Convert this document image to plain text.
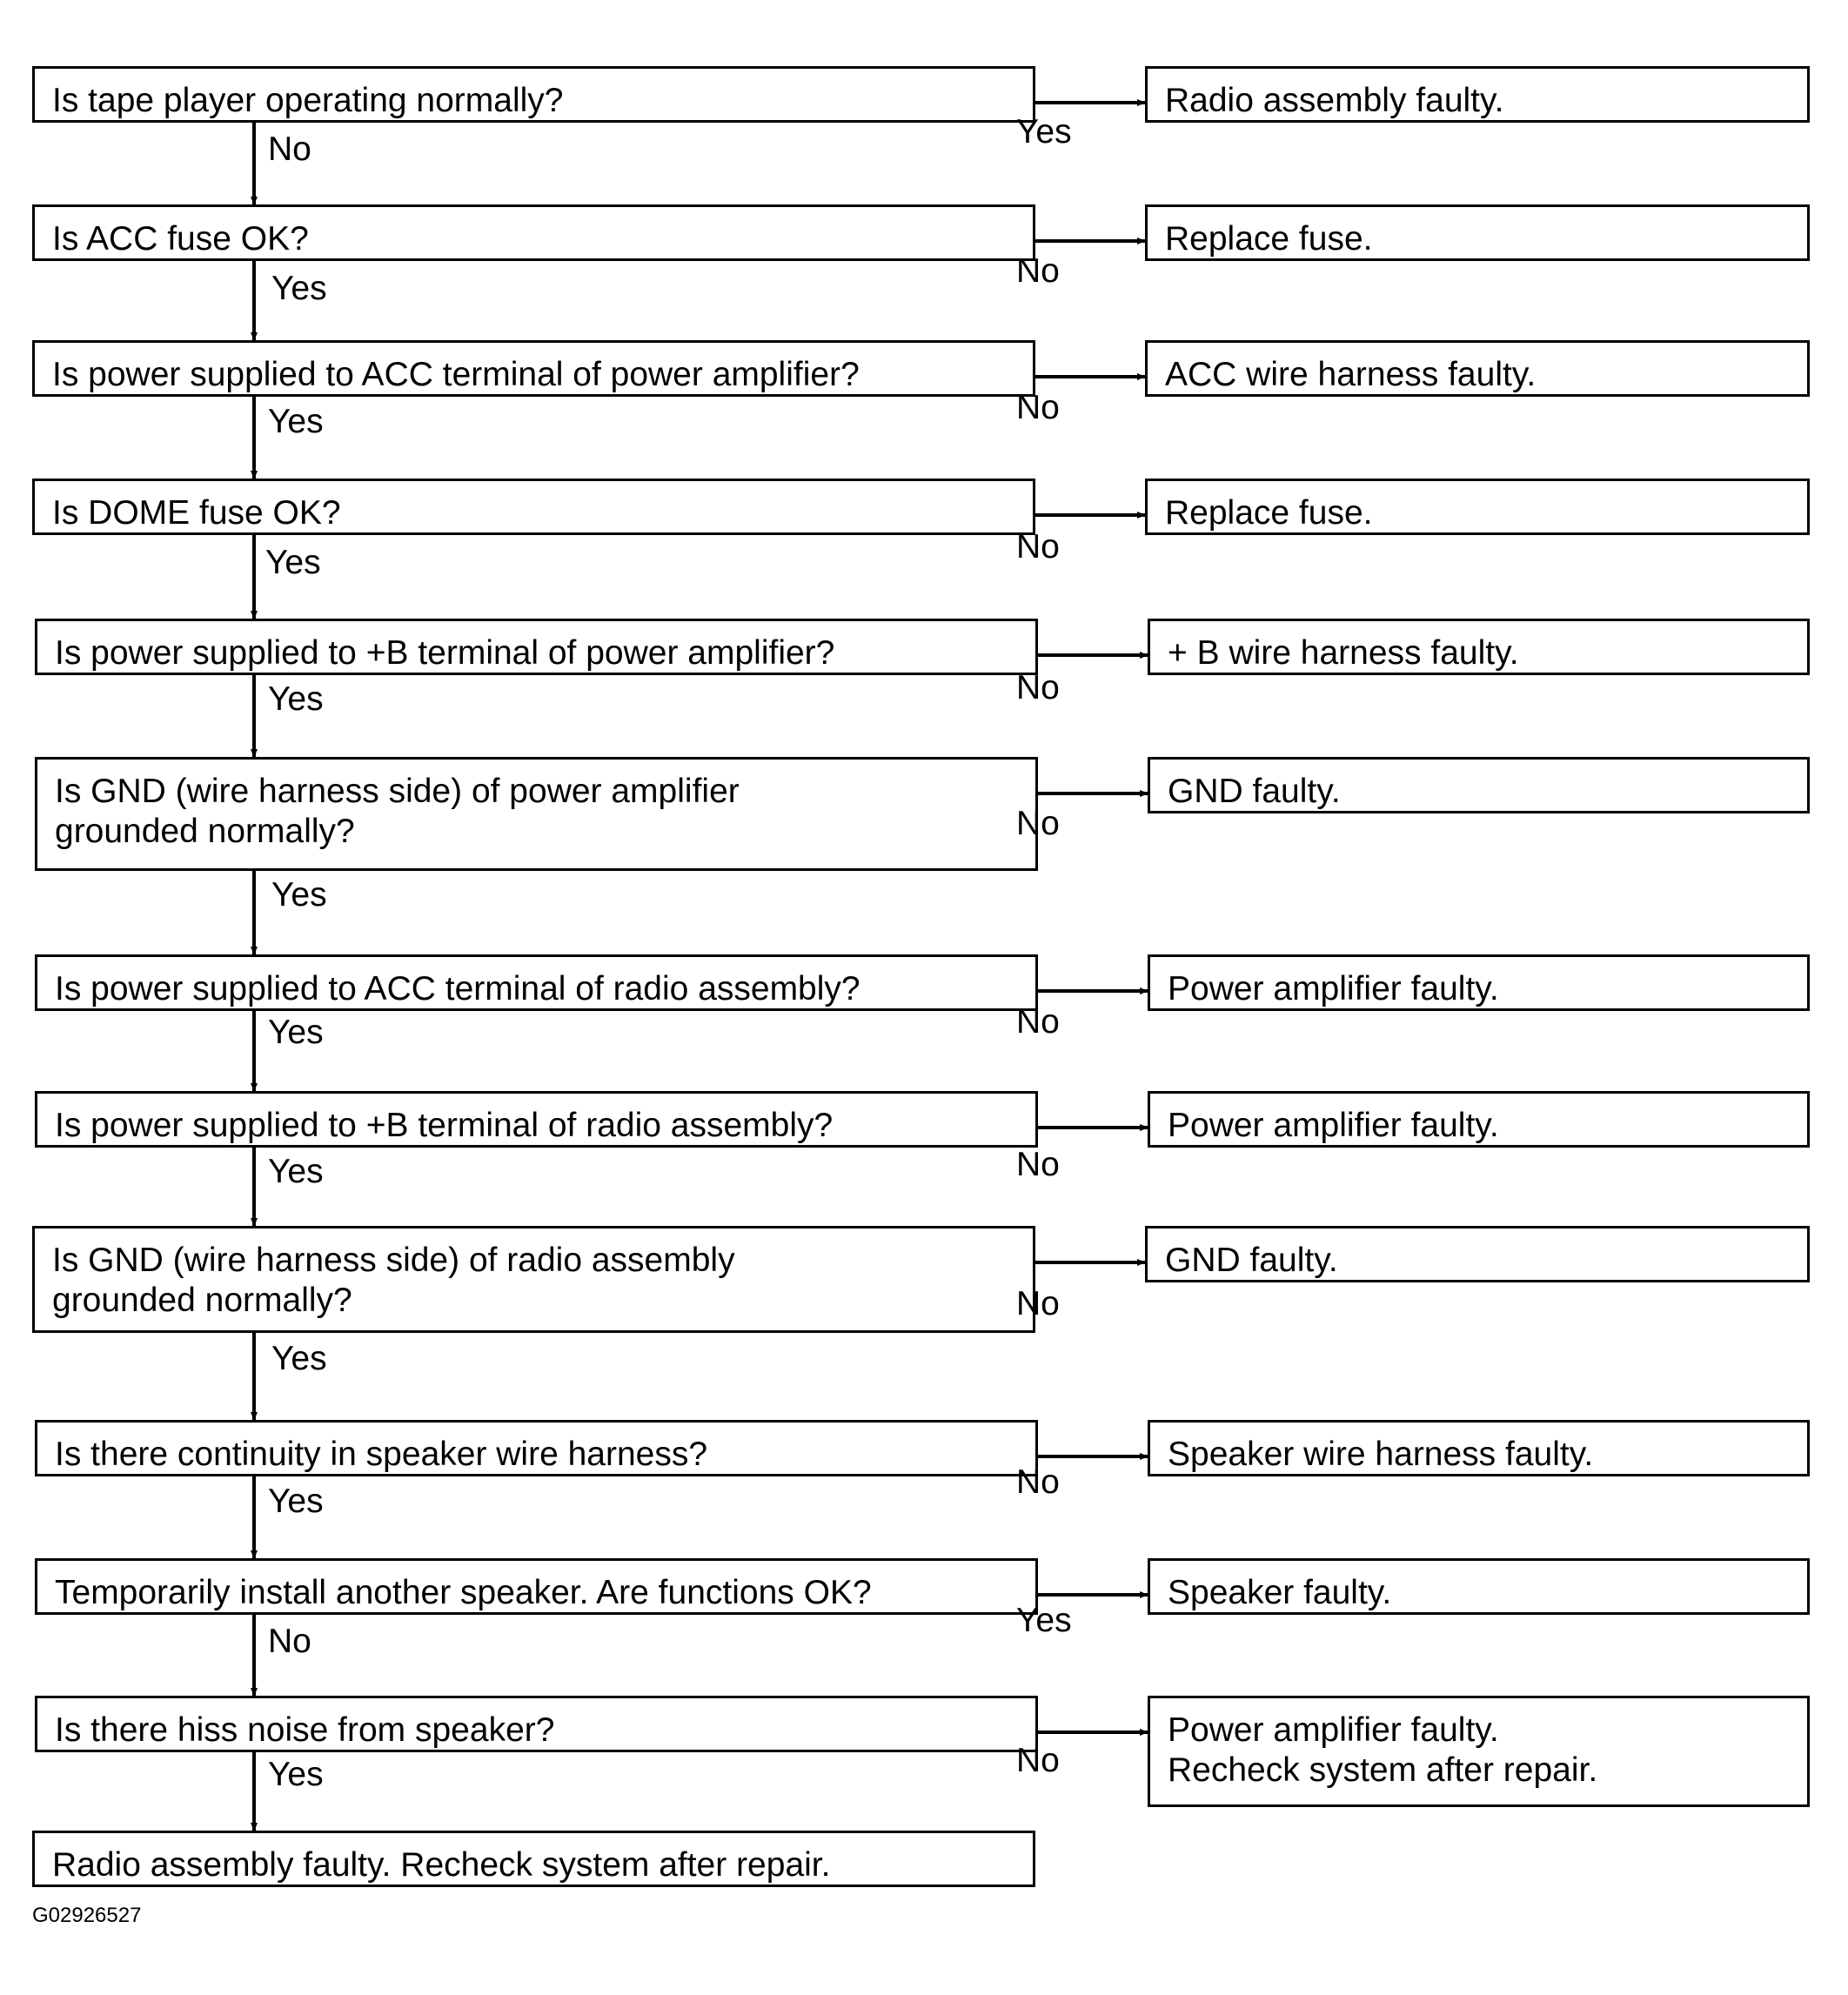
Is tape player operating normally?	Radio assembly faulty.
No	Yes
Is ACC fuse OK?	Replace fuse.
Yes	No
Is power supplied to ACC terminal of power amplifier?	ACC wire harness faulty.
Yes	No
Is DOME fuse OK?	Replace fuse.
Yes	No
Is power supplied to +B terminal of power amplifier?	+ B wire harness faulty.
Yes	No
Is GND (wire harness side) of power amplifier
grounded normally?
GND faulty.
Yes
No
Is power supplied to ACC terminal of radio assembly?	Power amplifier faulty.
Yes	No
Is power supplied to +B terminal of radio assembly?	Power amplifier faulty.
Yes	No
Is GND (wire harness side) of radio assembly
grounded normally?
GND faulty.
Yes
No
Is there continuity in speaker wire harness?	Speaker wire harness faulty.
Yes
No
Temporarily install another speaker. Are functions OK?	Speaker faulty.
No
Yes
Is there hiss noise from speaker?	Power amplifier faulty.
Recheck system after repair.
Yes	No
Radio assembly faulty. Recheck system after repair.
G02926527
